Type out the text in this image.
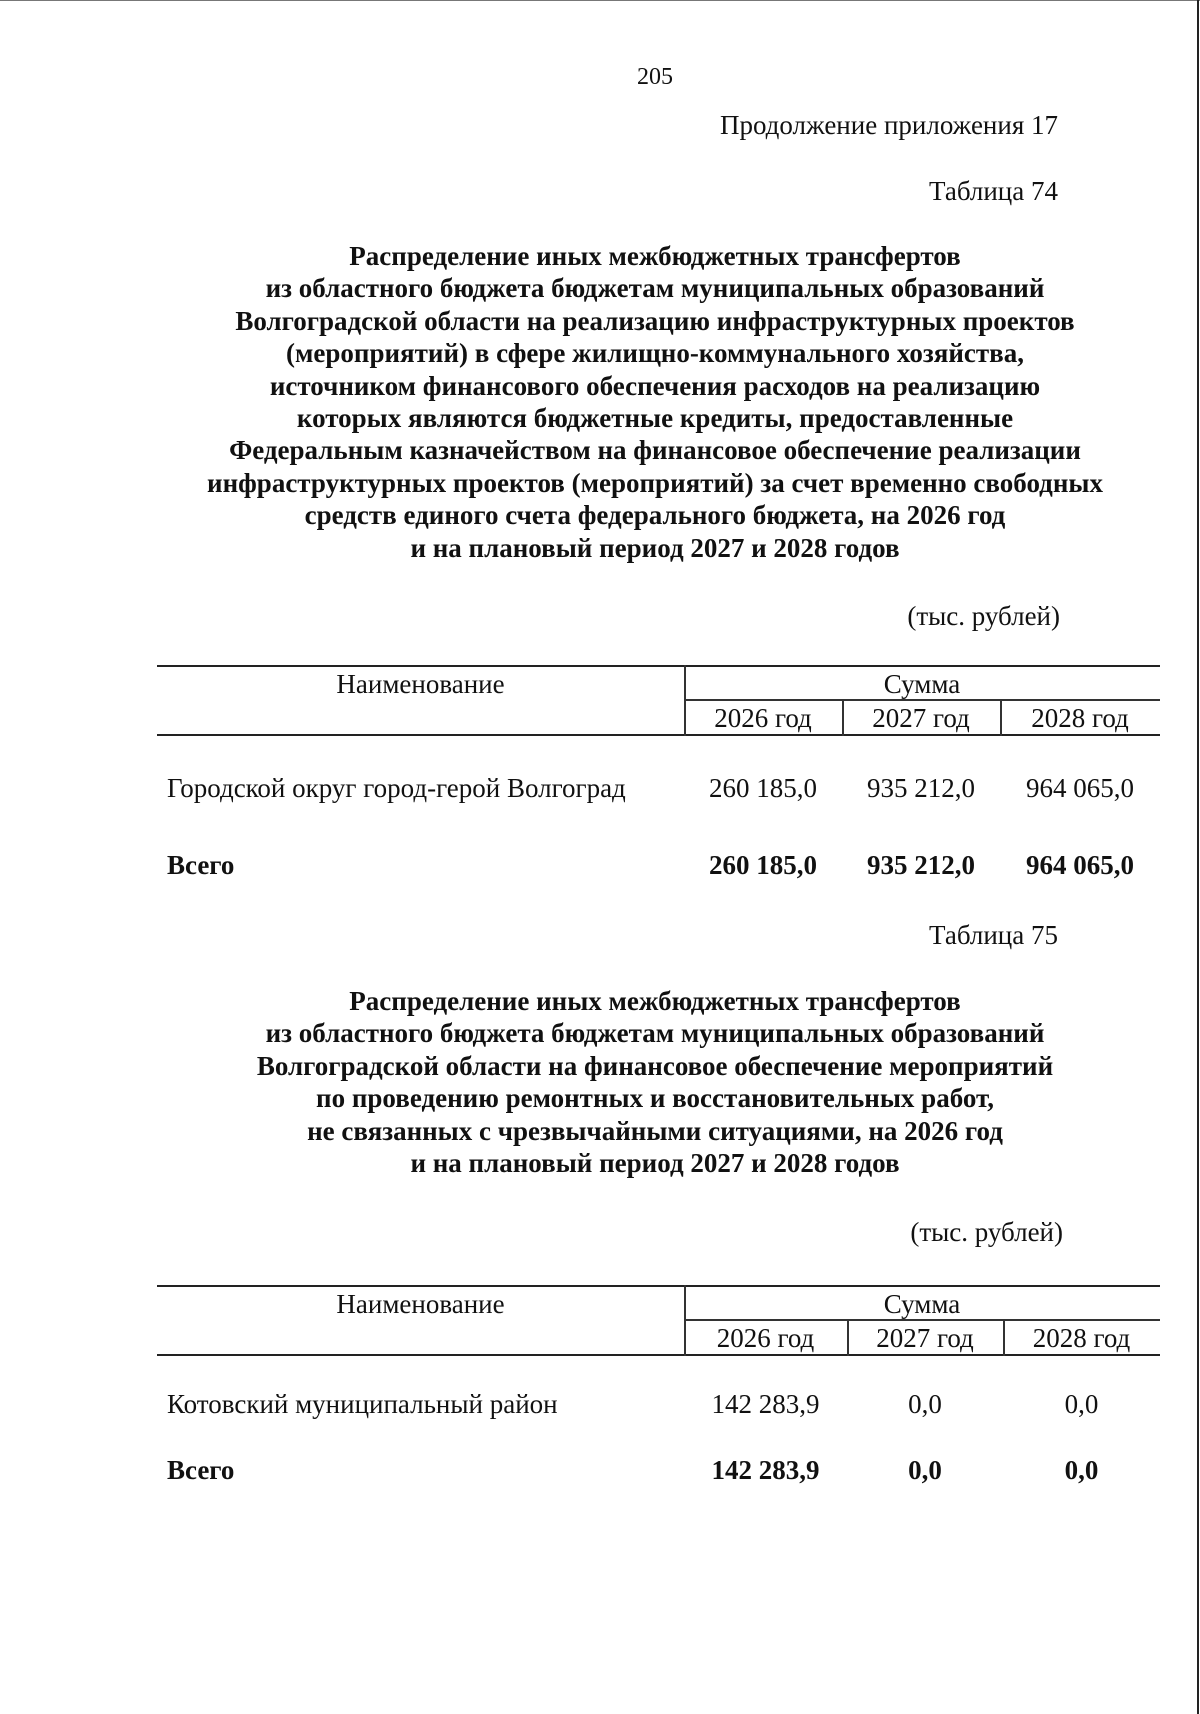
205
Продолжение приложения 17
Таблица 74
Распределение иных межбюджетных трансфертов
из областного бюджета бюджетам муниципальных образований
Волгоградской области на реализацию инфраструктурных проектов
(мероприятий) в сфере жилищно-коммунального хозяйства,
источником финансового обеспечения расходов на реализацию
которых являются бюджетные кредиты, предоставленные
Федеральным казначейством на финансовое обеспечение реализации
инфраструктурных проектов (мероприятий) за счет временно свободных
средств единого счета федерального бюджета, на 2026 год
и на плановый период 2027 и 2028 годов
(тыс. рублей)
Наименование	Сумма
2026 год	2027 год	2028 год
Городской округ город-герой Волгоград	260 185,0	935 212,0	964 065,0
Всего	260 185,0	935 212,0	964 065,0
Таблица 75
Распределение иных межбюджетных трансфертов
из областного бюджета бюджетам муниципальных образований
Волгоградской области на финансовое обеспечение мероприятий
по проведению ремонтных и восстановительных работ,
не связанных с чрезвычайными ситуациями, на 2026 год
и на плановый период 2027 и 2028 годов
(тыс. рублей)
Наименование	Сумма
2026 год	2027 год	2028 год
Котовский муниципальный район	142 283,9	0,0	0,0
Всего	142 283,9	0,0	0,0
